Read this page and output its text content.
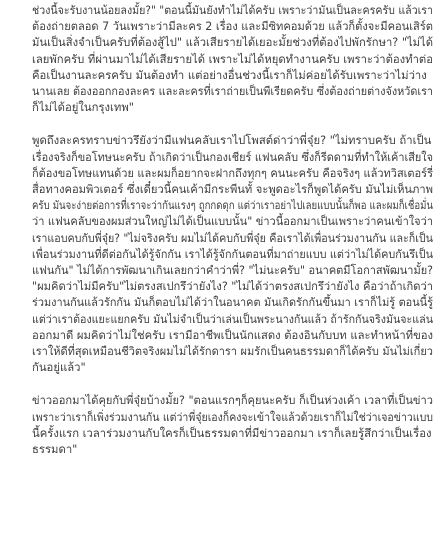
ช่วงนี้จะรับงานน้อยลงมั้ย?" "ตอนนี้มันยังทำไม่ได้ครับ เพราะว่ามันเป็นละครครับ แล้วเรา
ต้องถ่ายตลอด 7 วันเพราะว่ามีละคร 2 เรื่อง และมีซิทคอมด้วย แล้วก็ตั้งจะมีคอนเสิร์ต
มันเป็นสิ่งจำเป็นครับที่ต้องสู้ไป" แล้วเสียรายได้เยอะมั้ยช่วงที่ต้องไปพักรักษา? "ไม่ได้
เลยพักครับ ที่ผ่านมาไม่ได้เสียรายได้ เพราะไม่ได้หยุดทำงานครับ เพราะว่าต้องทำต่อ
คือเป็นงานละครครับ มันต้องทำ แต่อย่างอื่นช่วงนี้เราก็ไม่ค่อยได้รับเพราะว่าไม่ว่าง
นานเลย ต้องออกกองละคร และละครที่เราถ่ายเป็นพีเรียดครับ ซึ่งต้องถ่ายต่างจังหวัดเรา
ก็ไม่ได้อยู่ในกรุงเทพ"
พูดถึงละครทราบข่าวรึยังว่ามีแฟนคลับเราไปโพสต์ด่าว่าพี่จุ๋ย? "ไม่ทราบครับ ถ้าเป็น
เรื่องจริงก็ขอโทษนะครับ ถ้าเกิดว่าเป็นกองเชียร์ แฟนคลับ ซึ่งก็รีดดามที่ทำให้เค้าเสียใจ
ก็ต้องขอโทษแทนด้วย และผมก็อยากจะฝากถึงทุกๆ คนนะครับ คือจริงๆ แล้วทวิสเตอร์รี่
สื่อทางคอมพิวเตอร์ ซึ่งเดี๋ยวนี้คนเค้ามีกระพีนทั้ จะพูดอะไรก็พูดได้ครับ มันไม่เห็นภาพ
ครับ มันจะง่ายต่อการที่เราจะว่ากันแรงๆ ถูกกดดุก แต่ว่าเราอย่าไปเลยแบบนั้นก็พอ และผมก็เชื่อมั่น
ว่า แฟนคลับของผมส่วนใหญ่ไม่ได้เป็นแบบนั้น" ข่าวนี้ออกมาเป็นเพราะว่าคนเข้าใจว่า
เราแอบคบกับพี่จุ๋ย? "ไม่จริงครับ ผมไม่ได้คบกับพี่จุ๋ย คือเราได้เพื่อนร่วมงานกัน และก็เป็น
เพื่อนร่วมงานที่ดีต่อกันได้รู้จักกัน เราได้รู้จักกันตอนที่มาถ่ายแบบ แต่ว่าไม่ได้คบกันรึเป็น
แฟนกัน" ไม่ได้การพัฒนาเกินเลยกว่าคำว่าพี่? "ไม่นะครับ" อนาคตมีโอกาสพัฒนามั้ย?
"ผมคิดว่าไม่มีครับ"ไม่ตรงสเปกรึว่ายังไง? "ไม่ได้ว่าตรงสเปกรึว่ายังไง คือว่าถ้าเกิดว่า
ร่วมงานกันแล้วรักกัน มันก็ตอบไม่ได้ว่าในอนาคต มันเกิดรักกันขึ้นมา เราก็ไม่รู้ ตอนนี้รู้
แต่ว่าเราต้องแยะแยกครับ มันไม่จำเป็นว่าเล่นเป็นพระนางกันแล้ว ถ้ารักกันจริงมันจะแล่น
ออกมาดี ผมคิดว่าไม่ใช่ครับ เรามีอาชีพเป็นนักแสดง ต้องอินกับบท และทำหน้าที่ของ
เราให้ดีที่สุดเหมือนชีวิตจริงผมไม่ได้รักดารา ผมรักเป็นคนธรรมดาก็ได้ครับ มันไม่เกี่ยว
กันอยู่แล้ว"
ข่าวออกมาได้คุยกับพี่จุ๋ยบ้างมั้ย? "ตอนแรกๆก็คุยนะครับ ก็เป็นห่วงเค้า เวลาที่เป็นข่าว
เพราะว่าเราก็เพิ่งร่วมงานกัน แต่ว่าพี่จุ๋ยเองก็คงจะเข้าใจแล้วด้วยเราก็ไม่ใช่ว่าเจอข่าวแบบ
นี้ครั้งแรก เวลาร่วมงานกับใครก็เป็นธรรมดาที่มีข่าวออกมา เราก็เลยรู้สึกว่าเป็นเรื่อง
ธรรมดา"
